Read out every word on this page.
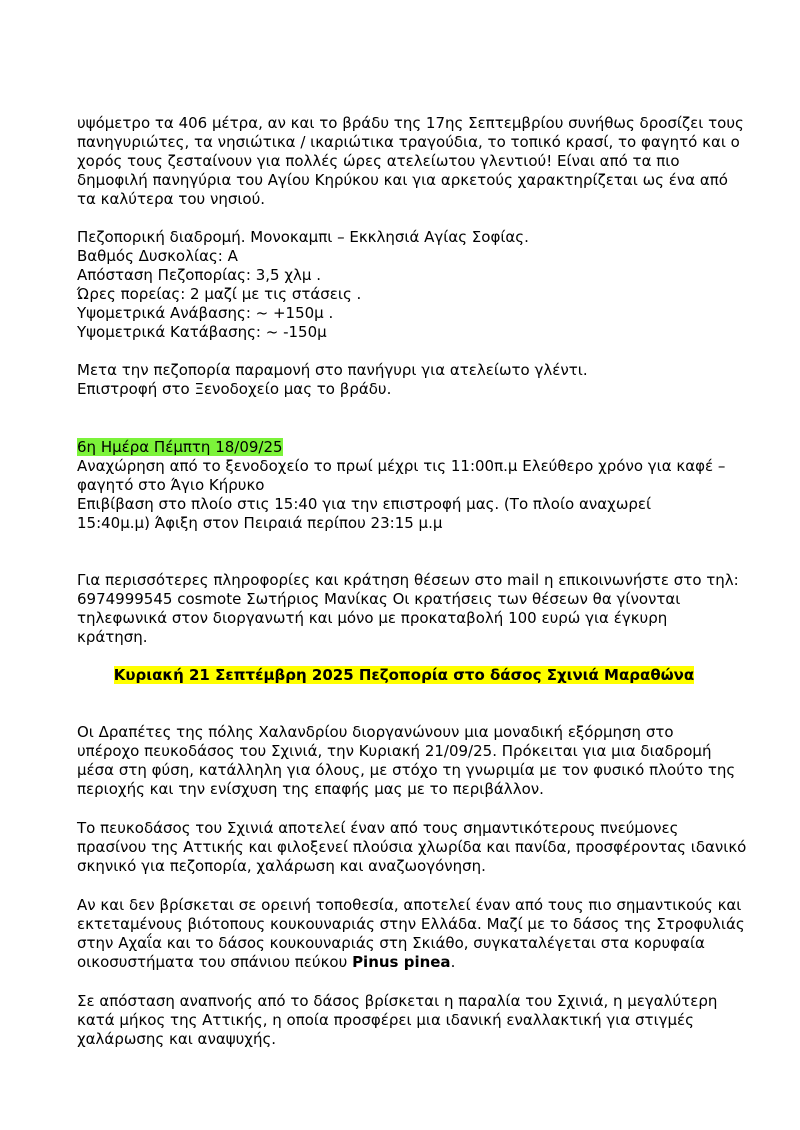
υψόμετρο τα 406 μέτρα, αν και το βράδυ της 17ης Σεπτεμβρίου συνήθως δροσίζει τους

πανηγυριώτες, τα νησιώτικα / ικαριώτικα τραγούδια, το τοπικό κρασί, το φαγητό και ο

χορός τους ζεσταίνουν για πολλές ώρες ατελείωτου γλεντιού! Είναι από τα πιο

δημοφιλή πανηγύρια του Αγίου Κηρύκου και για αρκετούς χαρακτηρίζεται ως ένα από

τα καλύτερα του νησιού.

Πεζοπορική διαδρομή. Μονοκαμπι – Εκκλησιά Αγίας Σοφίας.

Βαθμός Δυσκολίας: Α

Απόσταση Πεζοπορίας: 3,5 χλμ .

Ώρες πορείας: 2 μαζί με τις στάσεις .

Υψομετρικά Ανάβασης: ~ +150μ .

Υψομετρικά Κατάβασης: ~ -150μ

Μετα την πεζοπορία παραμονή στο πανήγυρι για ατελείωτο γλέντι.

Επιστροφή στο Ξενοδοχείο μας το βράδυ.

6η Ημέρα Πέμπτη 18/09/25

Αναχώρηση από το ξενοδοχείο το πρωί μέχρι τις 11:00π.μ Ελεύθερο χρόνο για καφέ –

φαγητό στο Άγιο Κήρυκο

Επιβίβαση στο πλοίο στις 15:40 για την επιστροφή μας. (Το πλοίο αναχωρεί

15:40μ.μ) Άφιξη στον Πειραιά περίπου 23:15 μ.μ

Για περισσότερες πληροφορίες και κράτηση θέσεων στο mail η επικοινωνήστε στο τηλ:

6974999545 cosmote Σωτήριος Μανίκας Οι κρατήσεις των θέσεων θα γίνονται

τηλεφωνικά στον διοργανωτή και μόνο με προκαταβολή 100 ευρώ για έγκυρη

κράτηση.

Κυριακή 21 Σεπτέμβρη 2025 Πεζοπορία στο δάσος Σχινιά Μαραθώνα

Οι Δραπέτες της πόλης Χαλανδρίου διοργανώνουν μια μοναδική εξόρμηση στο

υπέροχο πευκοδάσος του Σχινιά, την Κυριακή 21/09/25. Πρόκειται για μια διαδρομή

μέσα στη φύση, κατάλληλη για όλους, με στόχο τη γνωριμία με τον φυσικό πλούτο της

περιοχής και την ενίσχυση της επαφής μας με το περιβάλλον.

Το πευκοδάσος του Σχινιά αποτελεί έναν από τους σημαντικότερους πνεύμονες

πρασίνου της Αττικής και φιλοξενεί πλούσια χλωρίδα και πανίδα, προσφέροντας ιδανικό

σκηνικό για πεζοπορία, χαλάρωση και αναζωογόνηση.

Αν και δεν βρίσκεται σε ορεινή τοποθεσία, αποτελεί έναν από τους πιο σημαντικούς και

εκτεταμένους βιότοπους κουκουναριάς στην Ελλάδα. Μαζί με το δάσος της Στροφυλιάς

στην Αχαΐα και το δάσος κουκουναριάς στη Σκιάθο, συγκαταλέγεται στα κορυφαία

οικοσυστήματα του σπάνιου πεύκου Pinus pinea.

Σε απόσταση αναπνοής από το δάσος βρίσκεται η παραλία του Σχινιά, η μεγαλύτερη

κατά μήκος της Αττικής, η οποία προσφέρει μια ιδανική εναλλακτική για στιγμές

χαλάρωσης και αναψυχής.
